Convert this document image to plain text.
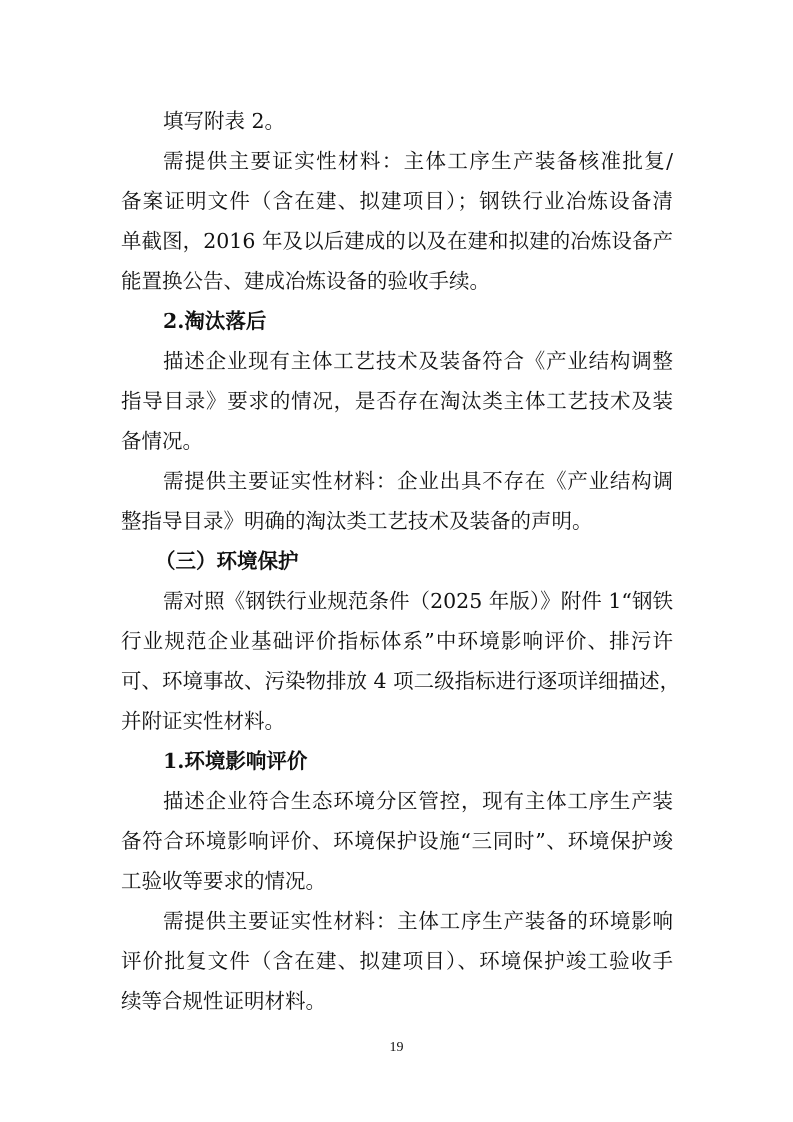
填写附表 2。
需提供主要证实性材料：主体工序生产装备核准批复/
备案证明文件（含在建、拟建项目）；钢铁行业冶炼设备清
单截图，2016 年及以后建成的以及在建和拟建的冶炼设备产
能置换公告、建成冶炼设备的验收手续。
2.淘汰落后
描述企业现有主体工艺技术及装备符合《产业结构调整
指导目录》要求的情况，是否存在淘汰类主体工艺技术及装
备情况。
需提供主要证实性材料：企业出具不存在《产业结构调
整指导目录》明确的淘汰类工艺技术及装备的声明。
（三）环境保护
需对照《钢铁行业规范条件（2025 年版）》附件 1“钢铁
行业规范企业基础评价指标体系”中环境影响评价、排污许
可、环境事故、污染物排放 4 项二级指标进行逐项详细描述，
并附证实性材料。
1.环境影响评价
描述企业符合生态环境分区管控，现有主体工序生产装
备符合环境影响评价、环境保护设施“三同时”、环境保护竣
工验收等要求的情况。
需提供主要证实性材料：主体工序生产装备的环境影响
评价批复文件（含在建、拟建项目）、环境保护竣工验收手
续等合规性证明材料。
19
